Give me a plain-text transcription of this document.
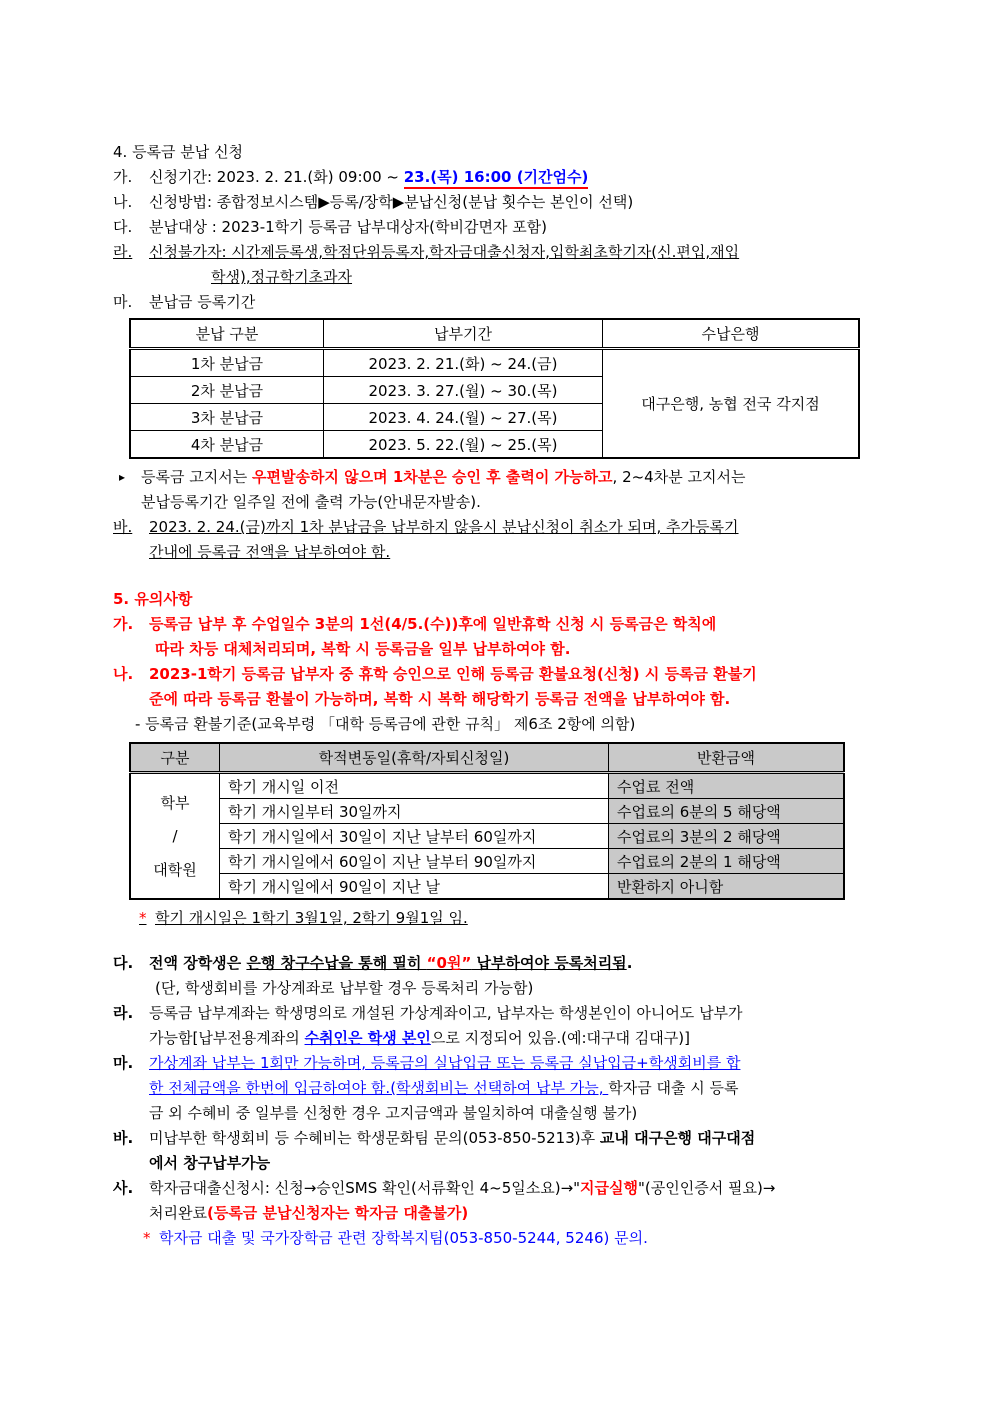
4. 등록금 분납 신청
가.	신청기간: 2023. 2. 21.(화) 09:00 ~ 23.(목) 16:00 (기간엄수)
나.	신청방법: 종합정보시스템▶등록/장학▶분납신청(분납 횟수는 본인이 선택)
다.	분납대상 : 2023-1학기 등록금 납부대상자(학비감면자 포함)
라.	신청불가자: 시간제등록생,학점단위등록자,학자금대출신청자,입학최초학기자(신.편입,재입
학생),정규학기초과자
마.	분납금 등록기간
분납 구분	납부기간	수납은행
1차 분납금	2023. 2. 21.(화) ~ 24.(금)	대구은행, 농협 전국 각지점
2차 분납금	2023. 3. 27.(월) ~ 30.(목)	
3차 분납금	2023. 4. 24.(월) ~ 27.(목)	
4차 분납금	2023. 5. 22.(월) ~ 25.(목)	
▸	등록금 고지서는 우편발송하지 않으며 1차분은 승인 후 출력이 가능하고, 2~4차분 고지서는
분납등록기간 일주일 전에 출력 가능(안내문자발송).
바.	2023. 2. 24.(금)까지 1차 분납금을 납부하지 않을시 분납신청이 취소가 되며, 추가등록기
간내에 등록금 전액을 납부하여야 함.
5. 유의사항
가.	등록금 납부 후 수업일수 3분의 1선(4/5.(수))후에 일반휴학 신청 시 등록금은 학칙에
따라 차등 대체처리되며, 복학 시 등록금을 일부 납부하여야 함.
나.	2023-1학기 등록금 납부자 중 휴학 승인으로 인해 등록금 환불요청(신청) 시 등록금 환불기
준에 따라 등록금 환불이 가능하며, 복학 시 복학 해당학기 등록금 전액을 납부하여야 함.
- 등록금 환불기준(교육부령 「대학 등록금에 관한 규칙」 제6조 2항에 의함)
구분	학적변동일(휴학/자퇴신청일)	반환금액

학부
/
대학원	학기 개시일 이전	수업료 전액
	학기 개시일부터 30일까지	수업료의 6분의 5 해당액
	학기 개시일에서 30일이 지난 날부터 60일까지	수업료의 3분의 2 해당액
	학기 개시일에서 60일이 지난 날부터 90일까지	수업료의 2분의 1 해당액
	학기 개시일에서 90일이 지난 날	반환하지 아니함
* 학기 개시일은 1학기 3월1일, 2학기 9월1일 임.
다.	전액 장학생은 은행 창구수납을 통해 필히 “0원” 납부하여야 등록처리됨.
(단, 학생회비를 가상계좌로 납부할 경우 등록처리 가능함)
라.	등록금 납부계좌는 학생명의로 개설된 가상계좌이고, 납부자는 학생본인이 아니어도 납부가
가능함[납부전용계좌의 수취인은 학생 본인으로 지정되어 있음.(예:대구대 김대구)]
마.	가상계좌 납부는 1회만 가능하며, 등록금의 실납입금 또는 등록금 실납입금+학생회비를 합
한 전체금액을 한번에 입금하여야 함.(학생회비는 선택하여 납부 가능, 학자금 대출 시 등록
금 외 수혜비 중 일부를 신청한 경우 고지금액과 불일치하여 대출실행 불가)
바.	미납부한 학생회비 등 수혜비는 학생문화팀 문의(053-850-5213)후 교내 대구은행 대구대점
에서 창구납부가능
사.	학자금대출신청시: 신청→승인SMS 확인(서류확인 4~5일소요)→"지급실행"(공인인증서 필요)→
처리완료(등록금 분납신청자는 학자금 대출불가)
* 학자금 대출 및 국가장학금 관련 장학복지팀(053-850-5244, 5246) 문의.
